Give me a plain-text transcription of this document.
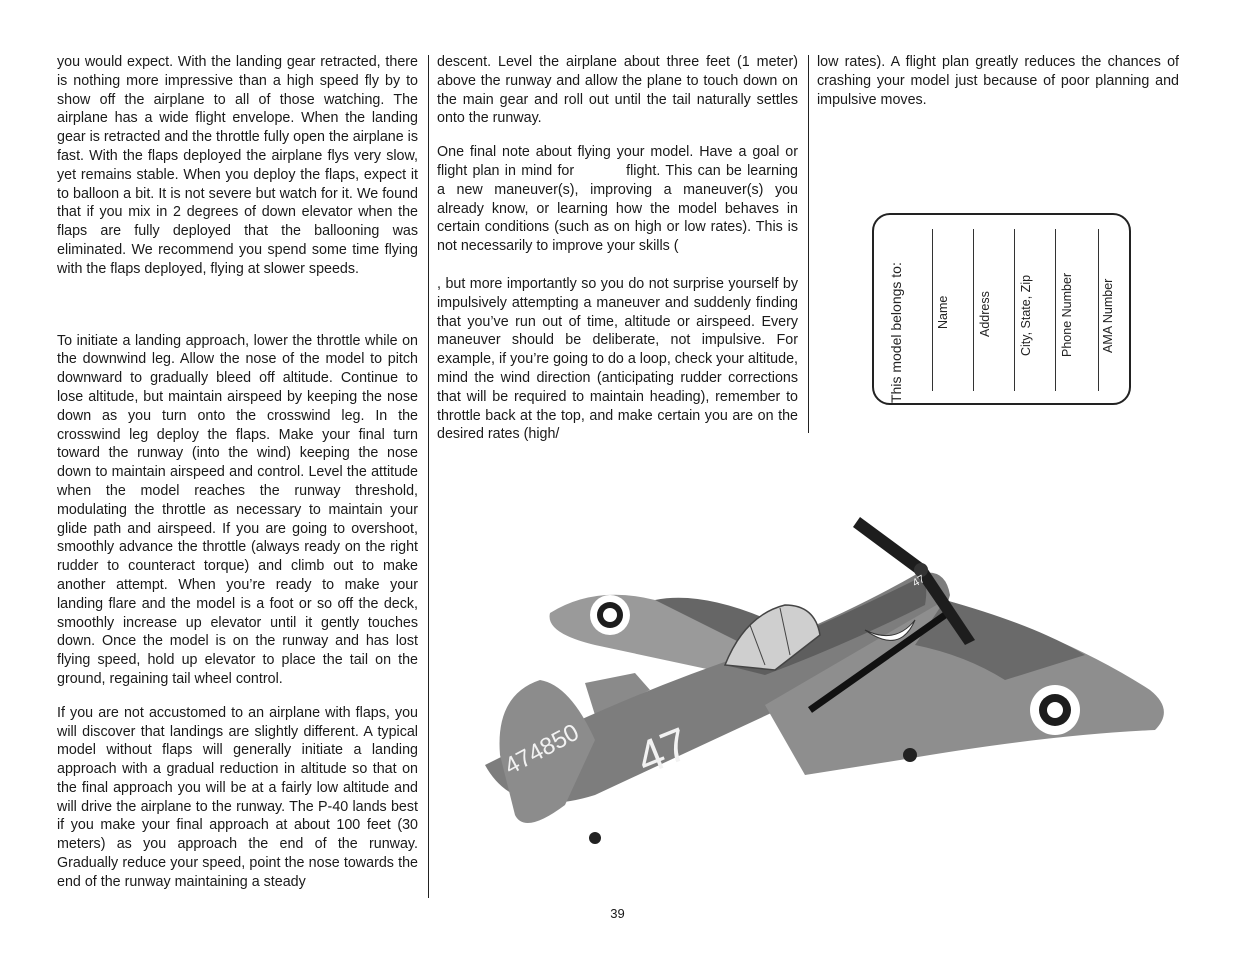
you would expect. With the landing gear retracted, there is nothing more impressive than a high speed fly by to show off the airplane to all of those watching. The airplane has a wide flight envelope. When the landing gear is retracted and the throttle fully open the airplane is fast. With the flaps deployed the airplane flys very slow, yet remains stable. When you deploy the flaps, expect it to balloon a bit. It is not severe but watch for it. We found that if you mix in 2 degrees of down elevator when the flaps are fully deployed that the ballooning was eliminated. We recommend you spend some time flying with the flaps deployed, flying at slower speeds.

To initiate a landing approach, lower the throttle while on the downwind leg. Allow the nose of the model to pitch downward to gradually bleed off altitude. Continue to lose altitude, but maintain airspeed by keeping the nose down as you turn onto the crosswind leg. In the crosswind leg deploy the flaps. Make your final turn toward the runway (into the wind) keeping the nose down to maintain airspeed and control. Level the attitude when the model reaches the runway threshold, modulating the throttle as necessary to maintain your glide path and airspeed. If you are going to overshoot, smoothly advance the throttle (always ready on the right rudder to counteract torque) and climb out to make another attempt. When you’re ready to make your landing flare and the model is a foot or so off the deck, smoothly increase up elevator until it gently touches down. Once the model is on the runway and has lost flying speed, hold up elevator to place the tail on the ground, regaining tail wheel control.

If you are not accustomed to an airplane with flaps, you will discover that landings are slightly different. A typical model without flaps will generally initiate a landing approach with a gradual reduction in altitude so that on the final approach you will be at a fairly low altitude and will drive the airplane to the runway. The P-40 lands best if you make your final approach at about 100 feet (30 meters) as you approach the end of the runway. Gradually reduce your speed, point the nose towards the end of the runway maintaining a steady

descent. Level the airplane about three feet (1 meter) above the runway and allow the plane to touch down on the main gear and roll out until the tail naturally settles onto the runway.

One final note about flying your model. Have a goal or flight plan in mind for	flight. This can be learning a new maneuver(s), improving a maneuver(s) you already know, or learning how the model behaves in certain conditions (such as on high or low rates). This is not necessarily to improve your skills (
, but more importantly so you do not surprise yourself by impulsively attempting a maneuver and suddenly finding that you’ve run out of time, altitude or airspeed. Every maneuver should be deliberate, not impulsive. For example, if you’re going to do a loop, check your altitude, mind the wind direction (anticipating rudder corrections that will be required to maintain heading), remember to throttle back at the top, and make certain you are on the desired rates (high/

low rates). A flight plan greatly reduces the chances of crashing your model just because of poor planning and impulsive moves.

This model belongs to:	Name Address City, State, Zip Phone Number AMA Number
474850 47
47
39
